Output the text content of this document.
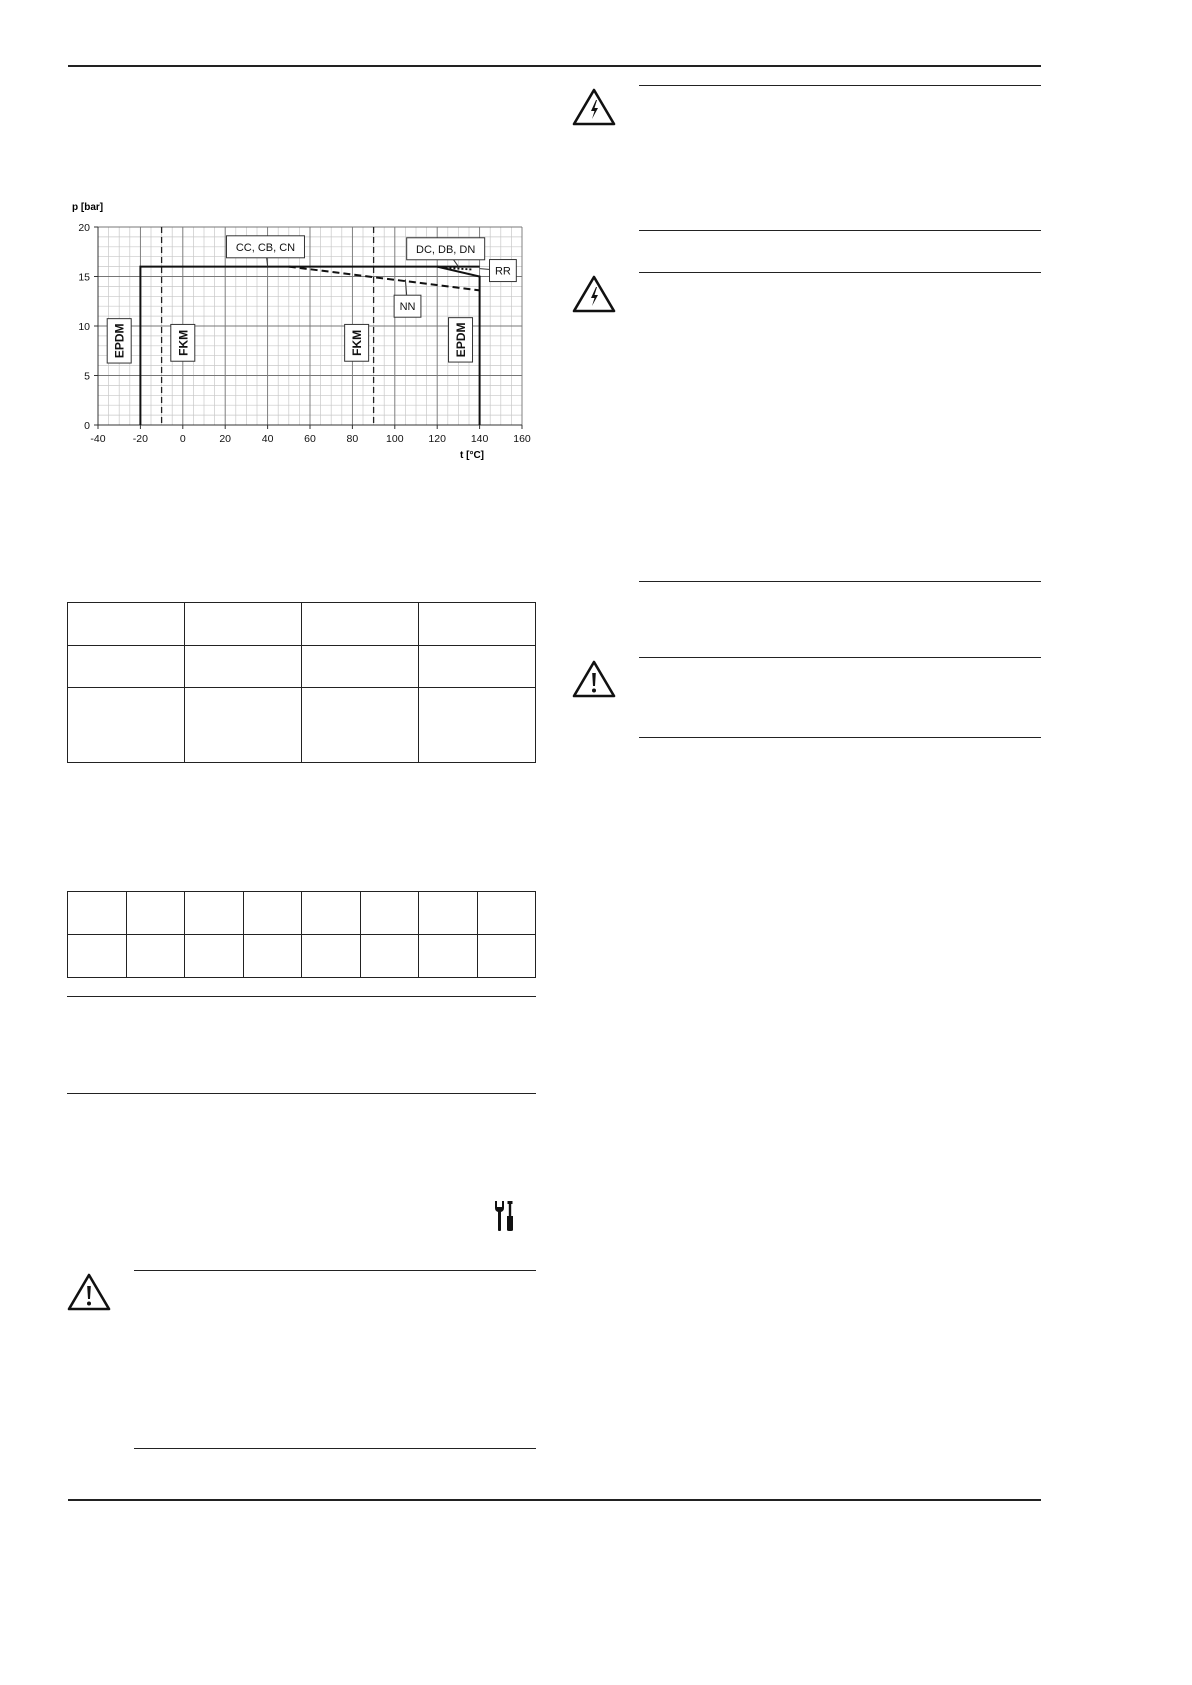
-40	-20	0	20	40	60	80	100 120 140 160
0
5
10
15
20
EPDM	FKM	FKM	EPDM
CC, CB, CN	DC, DB, DN
RR
NN
p [bar]
t [°C]
